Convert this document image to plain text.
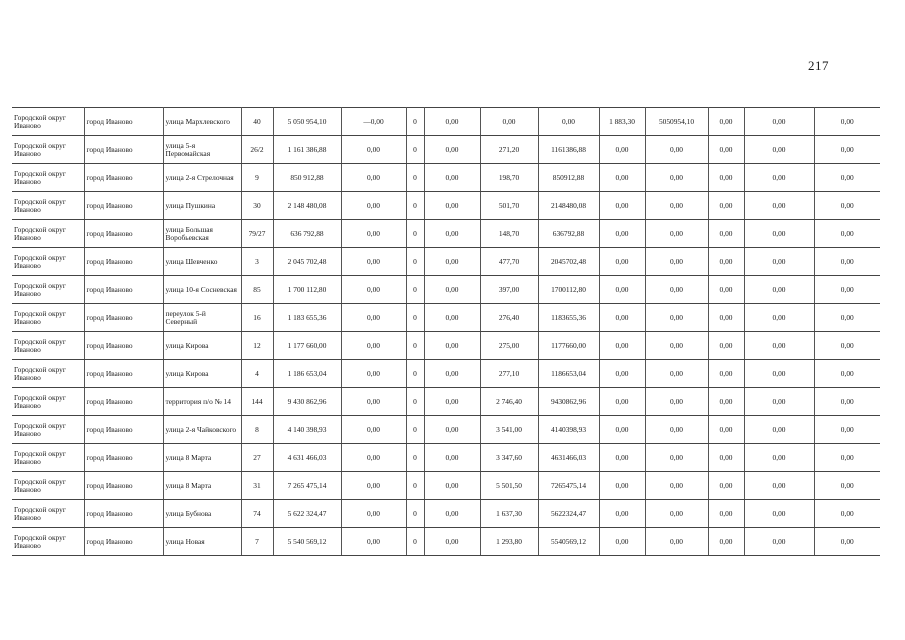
217
Городской округ Иваново	город Иваново	улица Мархлевского	40	5 050 954,10	—0,00	0	0,00	0,00	0,00	1 883,30	5050954,10	0,00	0,00	0,00
Городской округ Иваново	город Иваново	улица 5-я Первомайская	26/2	1 161 386,88	0,00	0	0,00	271,20	1161386,88	0,00	0,00	0,00	0,00	0,00
Городской округ Иваново	город Иваново	улица 2-я Стрелочная	9	850 912,88	0,00	0	0,00	198,70	850912,88	0,00	0,00	0,00	0,00	0,00
Городской округ Иваново	город Иваново	улица Пушкина	30	2 148 480,08	0,00	0	0,00	501,70	2148480,08	0,00	0,00	0,00	0,00	0,00
Городской округ Иваново	город Иваново	улица Большая Воробьевская	79/27	636 792,88	0,00	0	0,00	148,70	636792,88	0,00	0,00	0,00	0,00	0,00
Городской округ Иваново	город Иваново	улица Шевченко	3	2 045 702,48	0,00	0	0,00	477,70	2045702,48	0,00	0,00	0,00	0,00	0,00
Городской округ Иваново	город Иваново	улица 10-я Сосневская	85	1 700 112,80	0,00	0	0,00	397,00	1700112,80	0,00	0,00	0,00	0,00	0,00
Городской округ Иваново	город Иваново	переулок 5-й Северный	16	1 183 655,36	0,00	0	0,00	276,40	1183655,36	0,00	0,00	0,00	0,00	0,00
Городской округ Иваново	город Иваново	улица Кирова	12	1 177 660,00	0,00	0	0,00	275,00	1177660,00	0,00	0,00	0,00	0,00	0,00
Городской округ Иваново	город Иваново	улица Кирова	4	1 186 653,04	0,00	0	0,00	277,10	1186653,04	0,00	0,00	0,00	0,00	0,00
Городской округ Иваново	город Иваново	территория п/о № 14	144	9 430 862,96	0,00	0	0,00	2 746,40	9430862,96	0,00	0,00	0,00	0,00	0,00
Городской округ Иваново	город Иваново	улица 2-я Чайковского	8	4 140 398,93	0,00	0	0,00	3 541,00	4140398,93	0,00	0,00	0,00	0,00	0,00
Городской округ Иваново	город Иваново	улица 8 Марта	27	4 631 466,03	0,00	0	0,00	3 347,60	4631466,03	0,00	0,00	0,00	0,00	0,00
Городской округ Иваново	город Иваново	улица 8 Марта	31	7 265 475,14	0,00	0	0,00	5 501,50	7265475,14	0,00	0,00	0,00	0,00	0,00
Городской округ Иваново	город Иваново	улица Бубнова	74	5 622 324,47	0,00	0	0,00	1 637,30	5622324,47	0,00	0,00	0,00	0,00	0,00
Городской округ Иваново	город Иваново	улица Новая	7	5 540 569,12	0,00	0	0,00	1 293,80	5540569,12	0,00	0,00	0,00	0,00	0,00
